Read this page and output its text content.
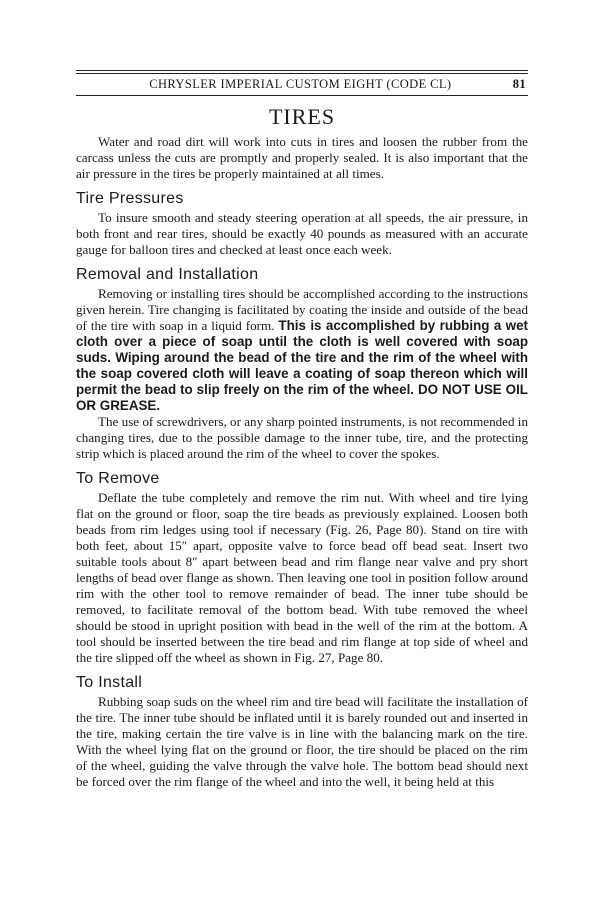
CHRYSLER IMPERIAL CUSTOM EIGHT (CODE CL)	81
TIRES

Water and road dirt will work into cuts in tires and loosen the rubber from the carcass unless the cuts are promptly and properly sealed. It is also important that the air pressure in the tires be properly maintained at all times.

Tire Pressures

To insure smooth and steady steering operation at all speeds, the air pressure, in both front and rear tires, should be exactly 40 pounds as measured with an accurate gauge for balloon tires and checked at least once each week.

Removal and Installation

Removing or installing tires should be accomplished according to the instructions given herein. Tire changing is facilitated by coating the inside and outside of the bead of the tire with soap in a liquid form. This is accomplished by rubbing a wet cloth over a piece of soap until the cloth is well covered with soap suds. Wiping around the bead of the tire and the rim of the wheel with the soap covered cloth will leave a coating of soap thereon which will permit the bead to slip freely on the rim of the wheel. DO NOT USE OIL OR GREASE.

The use of screwdrivers, or any sharp pointed instruments, is not recommended in changing tires, due to the possible damage to the inner tube, tire, and the protecting strip which is placed around the rim of the wheel to cover the spokes.

To Remove

Deflate the tube completely and remove the rim nut. With wheel and tire lying flat on the ground or floor, soap the tire beads as previously explained. Loosen both beads from rim ledges using tool if necessary (Fig. 26, Page 80). Stand on tire with both feet, about 15″ apart, opposite valve to force bead off bead seat. Insert two suitable tools about 8″ apart between bead and rim flange near valve and pry short lengths of bead over flange as shown. Then leaving one tool in position follow around rim with the other tool to remove remainder of bead. The inner tube should be removed, to facilitate removal of the bottom bead. With tube removed the wheel should be stood in upright position with bead in the well of the rim at the bottom. A tool should be inserted between the tire bead and rim flange at top side of wheel and the tire slipped off the wheel as shown in Fig. 27, Page 80.

To Install

Rubbing soap suds on the wheel rim and tire bead will facilitate the installation of the tire. The inner tube should be inflated until it is barely rounded out and inserted in the tire, making certain the tire valve is in line with the balancing mark on the tire. With the wheel lying flat on the ground or floor, the tire should be placed on the rim of the wheel, guiding the valve through the valve hole. The bottom bead should next be forced over the rim flange of the wheel and into the well, it being held at this
